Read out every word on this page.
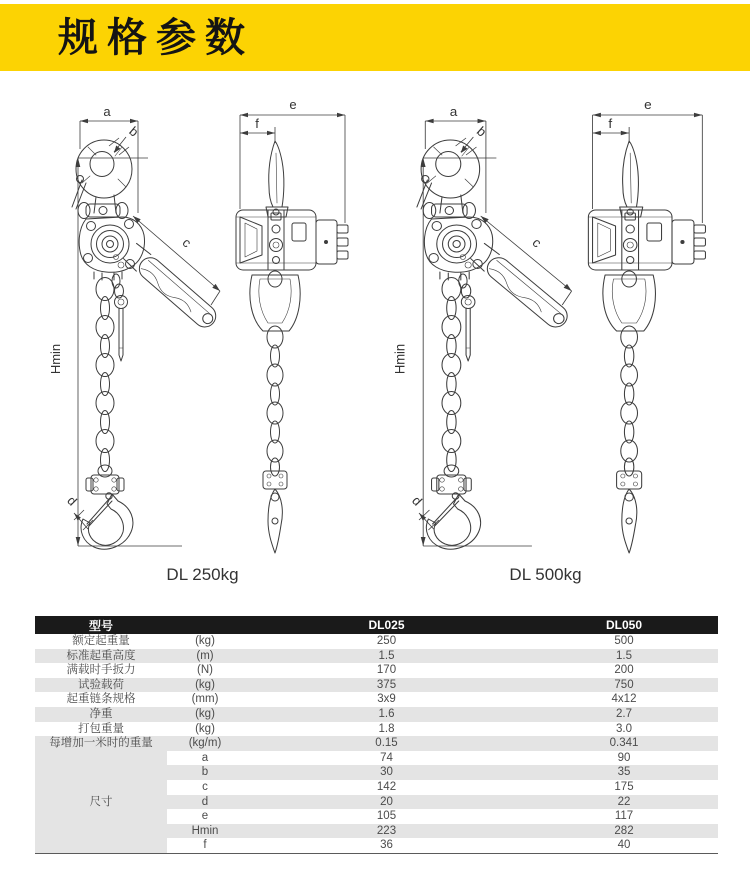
规格参数
a
Hmin
b
c
d
e
f
DL 250kg
a
Hmin
b
c
d
e
f
DL 500kg
型号		DL025	DL050
额定起重量	(kg)	250	500
标准起重高度	(m)	1.5	1.5
满载时手扳力	(N)	170	200
试验载荷	(kg)	375	750
起重链条规格	(mm)	3x9	4x12
净重	(kg)	1.6	2.7
打包重量	(kg)	1.8	3.0
每增加一米时的重量	(kg/m)	0.15	0.341
尺寸	a	74	90
	b	30	35
	c	142	175
	d	20	22
	e	105	117
	Hmin	223	282
	f	36	40
